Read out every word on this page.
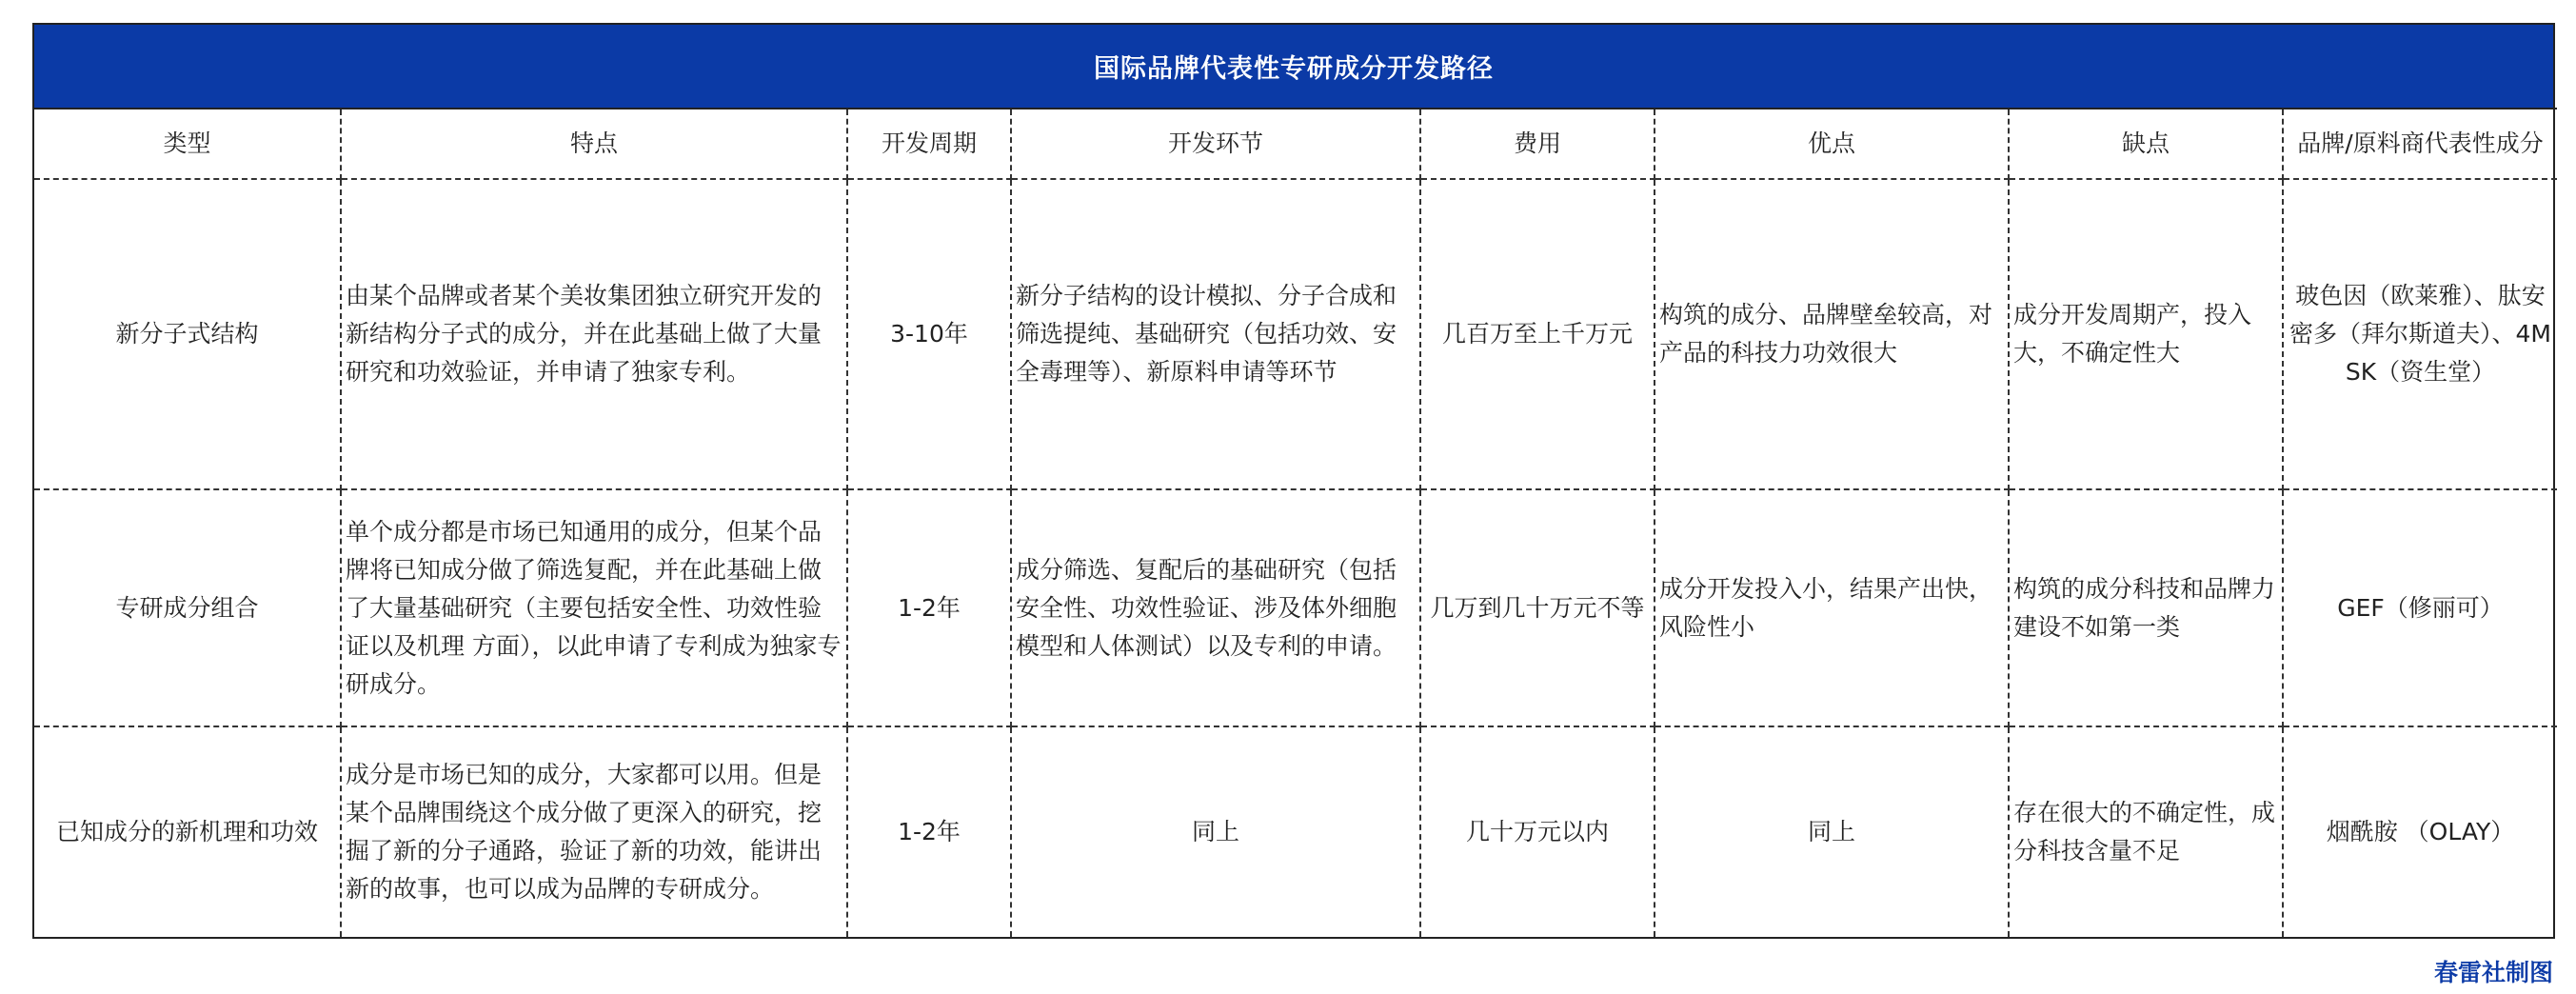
国际品牌代表性专研成分开发路径
类型	特点	开发周期	开发环节	费用	优点	缺点	品牌/原料商代表性成分
新分子式结构	由某个品牌或者某个美妆集团独立研究开发的新结构分子式的成分，并在此基础上做了大量研究和功效验证，并申请了独家专利。	3-10年	新分子结构的设计模拟、分子合成和筛选提纯、基础研究（包括功效、安全毒理等）、新原料申请等环节	几百万至上千万元	构筑的成分、品牌壁垒较高，对产品的科技力功效很大	成分开发周期产，投入大，不确定性大	玻色因（欧莱雅）、肽安密多（拜尔斯道夫）、4MSK（资生堂）
专研成分组合	单个成分都是市场已知通用的成分，但某个品牌将已知成分做了筛选复配，并在此基础上做了大量基础研究（主要包括安全性、功效性验证以及机理 方面），以此申请了专利成为独家专研成分。	1-2年	成分筛选、复配后的基础研究（包括安全性、功效性验证、涉及体外细胞模型和人体测试）以及专利的申请。	几万到几十万元不等	成分开发投入小，结果产出快，风险性小	构筑的成分科技和品牌力建设不如第一类	GEF（修丽可）
已知成分的新机理和功效	成分是市场已知的成分，大家都可以用。但是某个品牌围绕这个成分做了更深入的研究，挖掘了新的分子通路，验证了新的功效，能讲出新的故事，也可以成为品牌的专研成分。	1-2年	同上	几十万元以内	同上	存在很大的不确定性，成分科技含量不足	烟酰胺 （OLAY）
春雷社制图
